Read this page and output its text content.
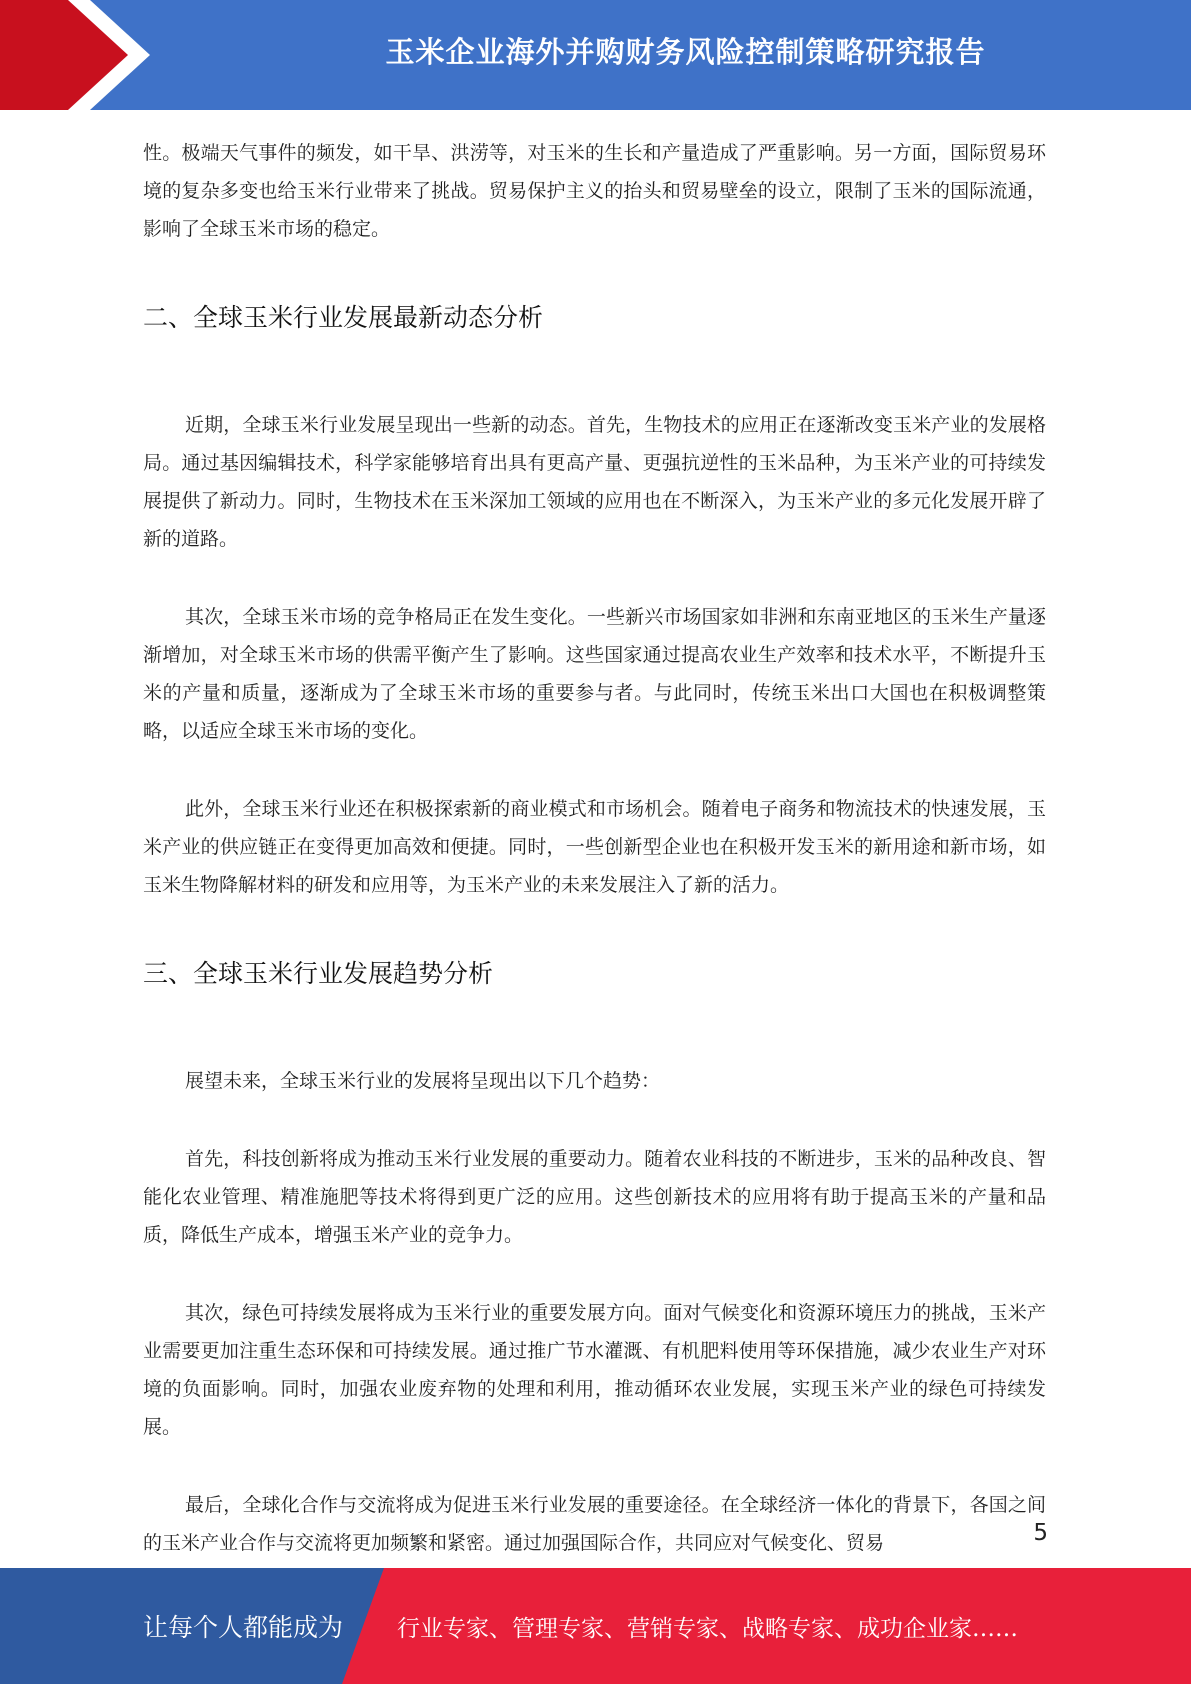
玉米企业海外并购财务风险控制策略研究报告

性。极端天气事件的频发，如干旱、洪涝等，对玉米的生长和产量造成了严重影响。另一方面，国际贸易环境的复杂多变也给玉米行业带来了挑战。贸易保护主义的抬头和贸易壁垒的设立，限制了玉米的国际流通，影响了全球玉米市场的稳定。

二、全球玉米行业发展最新动态分析

近期，全球玉米行业发展呈现出一些新的动态。首先，生物技术的应用正在逐渐改变玉米产业的发展格局。通过基因编辑技术，科学家能够培育出具有更高产量、更强抗逆性的玉米品种，为玉米产业的可持续发展提供了新动力。同时，生物技术在玉米深加工领域的应用也在不断深入，为玉米产业的多元化发展开辟了新的道路。

其次，全球玉米市场的竞争格局正在发生变化。一些新兴市场国家如非洲和东南亚地区的玉米生产量逐渐增加，对全球玉米市场的供需平衡产生了影响。这些国家通过提高农业生产效率和技术水平，不断提升玉米的产量和质量，逐渐成为了全球玉米市场的重要参与者。与此同时，传统玉米出口大国也在积极调整策略，以适应全球玉米市场的变化。

此外，全球玉米行业还在积极探索新的商业模式和市场机会。随着电子商务和物流技术的快速发展，玉米产业的供应链正在变得更加高效和便捷。同时，一些创新型企业也在积极开发玉米的新用途和新市场，如玉米生物降解材料的研发和应用等，为玉米产业的未来发展注入了新的活力。

三、全球玉米行业发展趋势分析

展望未来，全球玉米行业的发展将呈现出以下几个趋势：

首先，科技创新将成为推动玉米行业发展的重要动力。随着农业科技的不断进步，玉米的品种改良、智能化农业管理、精准施肥等技术将得到更广泛的应用。这些创新技术的应用将有助于提高玉米的产量和品质，降低生产成本，增强玉米产业的竞争力。

其次，绿色可持续发展将成为玉米行业的重要发展方向。面对气候变化和资源环境压力的挑战，玉米产业需要更加注重生态环保和可持续发展。通过推广节水灌溉、有机肥料使用等环保措施，减少农业生产对环境的负面影响。同时，加强农业废弃物的处理和利用，推动循环农业发展，实现玉米产业的绿色可持续发展。

最后，全球化合作与交流将成为促进玉米行业发展的重要途径。在全球经济一体化的背景下，各国之间的玉米产业合作与交流将更加频繁和紧密。通过加强国际合作，共同应对气候变化、贸易	5
让每个人都能成为 行业专家、管理专家、营销专家、战略专家、成功企业家……
